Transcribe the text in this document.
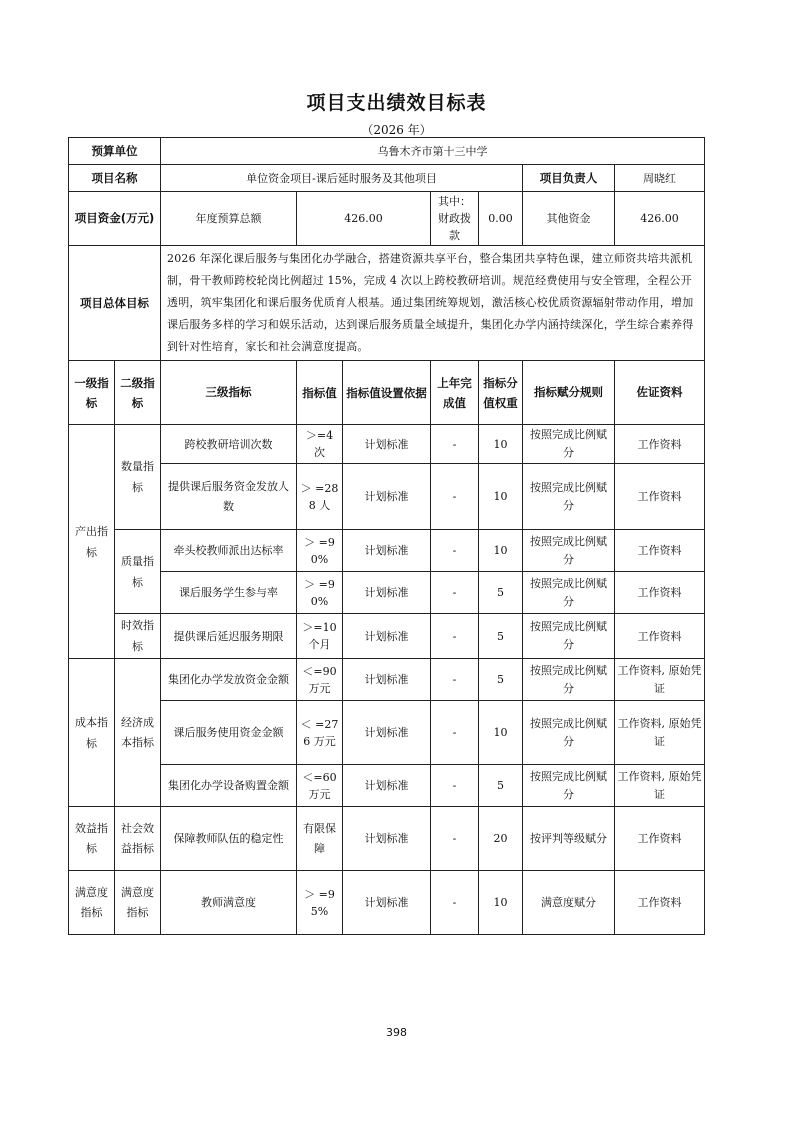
项目支出绩效目标表
（2026 年）
预算单位		乌鲁木齐市第十三中学						
项目名称		单位资金项目-课后延时服务及其他项目					项目负责人	周晓红
项目资金(万元)		年度预算总额	426.00		其中：财政拨款	0.00	其他资金	426.00
项目总体目标		2026 年深化课后服务与集团化办学融合，搭建资源共享平台，整合集团共享特色课，建立师资共培共派机制，骨干教师跨校轮岗比例超过 15%，完成 4 次以上跨校教研培训。规范经费使用与安全管理，全程公开透明，筑牢集团化和课后服务优质育人根基。通过集团统筹规划，激活核心校优质资源辐射带动作用，增加课后服务多样的学习和娱乐活动，达到课后服务质量全域提升，集团化办学内涵持续深化，学生综合素养得到针对性培育，家长和社会满意度提高。						
一级指标	二级指标	三级指标	指标值	指标值设置依据	上年完成值	指标分值权重	指标赋分规则	佐证资料
产出指标	数量指标	跨校教研培训次数	＞=4 次	计划标准	-	10	按照完成比例赋分	工作资料
		提供课后服务资金发放人数	＞ =288 人	计划标准	-	10	按照完成比例赋分	工作资料
	质量指标	牵头校教师派出达标率	＞ =90%	计划标准	-	10	按照完成比例赋分	工作资料
		课后服务学生参与率	＞ =90%	计划标准	-	5	按照完成比例赋分	工作资料
	时效指标	提供课后延迟服务期限	＞=10 个月	计划标准	-	5	按照完成比例赋分	工作资料
成本指标	经济成本指标	集团化办学发放资金金额	＜=90 万元	计划标准	-	5	按照完成比例赋分	工作资料, 原始凭证
		课后服务使用资金金额	＜ =276 万元	计划标准	-	10	按照完成比例赋分	工作资料, 原始凭证
		集团化办学设备购置金额	＜=60 万元	计划标准	-	5	按照完成比例赋分	工作资料, 原始凭证
效益指标	社会效益指标	保障教师队伍的稳定性	有限保障	计划标准	-	20	按评判等级赋分	工作资料
满意度指标	满意度指标	教师满意度	＞ =95%	计划标准	-	10	满意度赋分	工作资料
398
